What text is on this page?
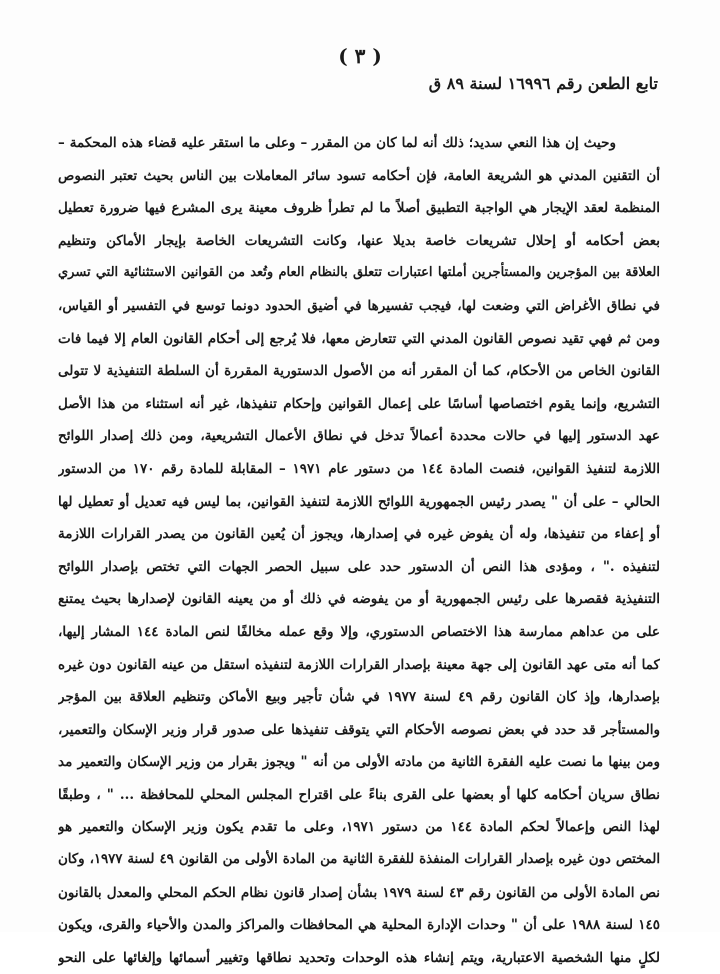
( ٣ )
تابع الطعن رقم ١٦٩٩٦ لسنة ٨٩ ق
وحيث إن هذا النعي سديد؛ ذلك أنه لما كان من المقرر – وعلى ما استقر عليه قضاء هذه المحكمة –
أن التقنين المدني هو الشريعة العامة، فإن أحكامه تسود سائر المعاملات بين الناس بحيث تعتبر النصوص
المنظمة لعقد الإيجار هي الواجبة التطبيق أصلاً ما لم تطرأ ظروف معينة يرى المشرع فيها ضرورة تعطيل
بعض أحكامه أو إحلال تشريعات خاصة بديلا عنها، وكانت التشريعات الخاصة بإيجار الأماكن وتنظيم
العلاقة بين المؤجرين والمستأجرين أملتها اعتبارات تتعلق بالنظام العام وتُعد من القوانين الاستثنائية التي تسري
في نطاق الأغراض التي وضعت لها، فيجب تفسيرها في أضيق الحدود دونما توسع في التفسير أو القياس،
ومن ثم فهي تقيد نصوص القانون المدني التي تتعارض معها، فلا يُرجع إلى أحكام القانون العام إلا فيما فات
القانون الخاص من الأحكام، كما أن المقرر أنه من الأصول الدستورية المقررة أن السلطة التنفيذية لا تتولى
التشريع، وإنما يقوم اختصاصها أساسًا على إعمال القوانين وإحكام تنفيذها، غير أنه استثناء من هذا الأصل
عهد الدستور إليها في حالات محددة أعمالاً تدخل في نطاق الأعمال التشريعية، ومن ذلك إصدار اللوائح
اللازمة لتنفيذ القوانين، فنصت المادة ١٤٤ من دستور عام ١٩٧١ – المقابلة للمادة رقم ١٧٠ من الدستور
الحالي – على أن " يصدر رئيس الجمهورية اللوائح اللازمة لتنفيذ القوانين، بما ليس فيه تعديل أو تعطيل لها
أو إعفاء من تنفيذها، وله أن يفوض غيره في إصدارها، ويجوز أن يُعين القانون من يصدر القرارات اللازمة
لتنفيذه ." ، ومؤدى هذا النص أن الدستور حدد على سبيل الحصر الجهات التي تختص بإصدار اللوائح
التنفيذية فقصرها على رئيس الجمهورية أو من يفوضه في ذلك أو من يعينه القانون لإصدارها بحيث يمتنع
على من عداهم ممارسة هذا الاختصاص الدستوري، وإلا وقع عمله مخالفًا لنص المادة ١٤٤ المشار إليها،
كما أنه متى عهد القانون إلى جهة معينة بإصدار القرارات اللازمة لتنفيذه استقل من عينه القانون دون غيره
بإصدارها، وإذ كان القانون رقم ٤٩ لسنة ١٩٧٧ في شأن تأجير وبيع الأماكن وتنظيم العلاقة بين المؤجر
والمستأجر قد حدد في بعض نصوصه الأحكام التي يتوقف تنفيذها على صدور قرار وزير الإسكان والتعمير،
ومن بينها ما نصت عليه الفقرة الثانية من مادته الأولى من أنه " ويجوز بقرار من وزير الإسكان والتعمير مد
نطاق سريان أحكامه كلها أو بعضها على القرى بناءً على اقتراح المجلس المحلي للمحافظة ... " ، وطبقًا
لهذا النص وإعمالاً لحكم المادة ١٤٤ من دستور ١٩٧١، وعلى ما تقدم يكون وزير الإسكان والتعمير هو
المختص دون غيره بإصدار القرارات المنفذة للفقرة الثانية من المادة الأولى من القانون ٤٩ لسنة ١٩٧٧، وكان
نص المادة الأولى من القانون رقم ٤٣ لسنة ١٩٧٩ بشأن إصدار قانون نظام الحكم المحلي والمعدل بالقانون
١٤٥ لسنة ١٩٨٨ على أن " وحدات الإدارة المحلية هي المحافظات والمراكز والمدن والأحياء والقرى، ويكون
لكلٍ منها الشخصية الاعتبارية، ويتم إنشاء هذه الوحدات وتحديد نطاقها وتغيير أسمائها وإلغائها على النحو
